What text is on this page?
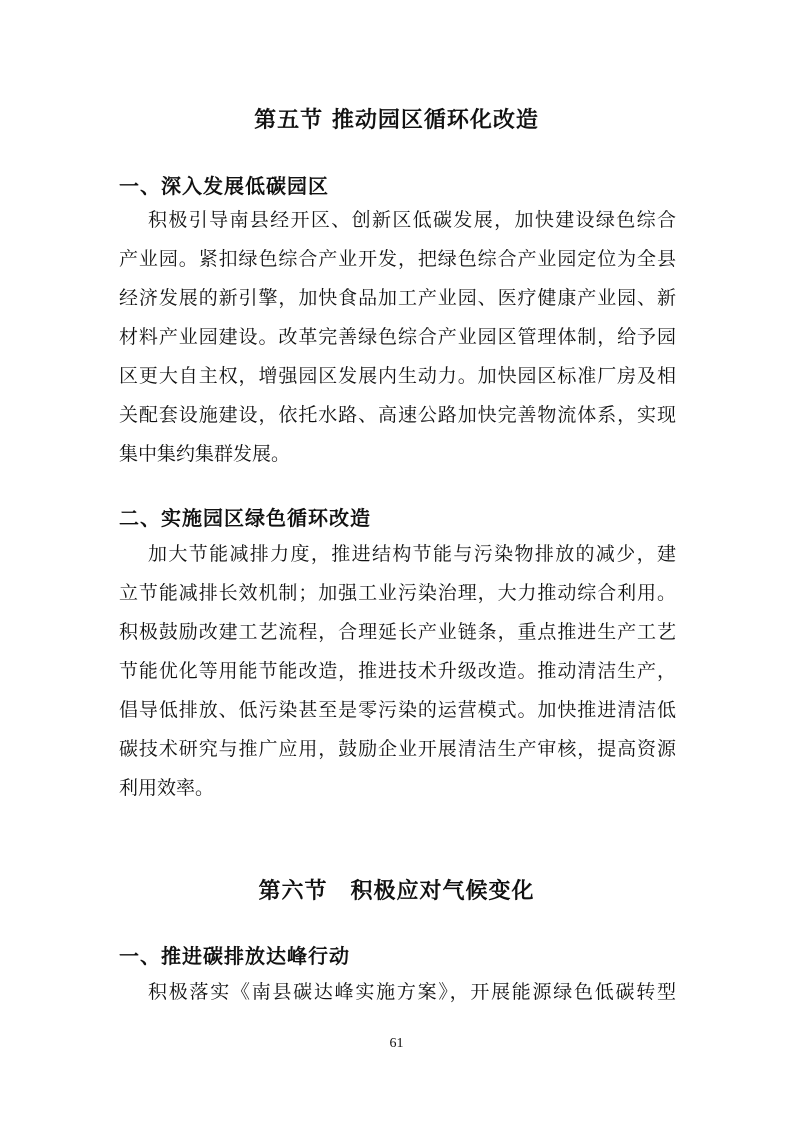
第五节 推动园区循环化改造
一、深入发展低碳园区
积极引导南县经开区、创新区低碳发展，加快建设绿色综合
产业园。紧扣绿色综合产业开发，把绿色综合产业园定位为全县
经济发展的新引擎，加快食品加工产业园、医疗健康产业园、新
材料产业园建设。改革完善绿色综合产业园区管理体制，给予园
区更大自主权，增强园区发展内生动力。加快园区标准厂房及相
关配套设施建设，依托水路、高速公路加快完善物流体系，实现
集中集约集群发展。
二、实施园区绿色循环改造
加大节能减排力度，推进结构节能与污染物排放的减少，建
立节能减排长效机制；加强工业污染治理，大力推动综合利用。
积极鼓励改建工艺流程，合理延长产业链条，重点推进生产工艺
节能优化等用能节能改造，推进技术升级改造。推动清洁生产，
倡导低排放、低污染甚至是零污染的运营模式。加快推进清洁低
碳技术研究与推广应用，鼓励企业开展清洁生产审核，提高资源
利用效率。
第六节　积极应对气候变化
一、推进碳排放达峰行动
积极落实《南县碳达峰实施方案》，开展能源绿色低碳转型
61
